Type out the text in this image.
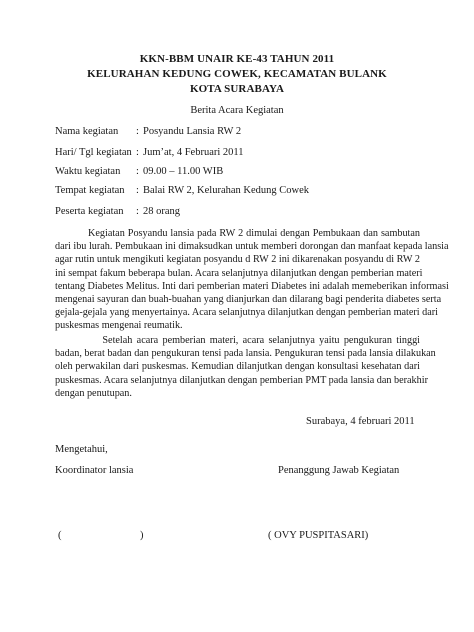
KKN-BBM UNAIR KE-43 TAHUN 2011
KELURAHAN KEDUNG COWEK, KECAMATAN BULANK
KOTA SURABAYA
Berita Acara Kegiatan
Nama kegiatan : Posyandu Lansia RW 2
Hari/ Tgl kegiatan : Jum’at, 4 Februari 2011
Waktu kegiatan : 09.00 – 11.00 WIB
Tempat kegiatan : Balai RW 2, Kelurahan Kedung Cowek
Peserta kegiatan : 28 orang
Kegiatan Posyandu lansia pada RW 2 dimulai dengan Pembukaan dan sambutan
dari ibu lurah. Pembukaan ini dimaksudkan untuk memberi dorongan dan manfaat kepada lansia
agar rutin untuk mengikuti kegiatan posyandu d RW 2 ini dikarenakan posyandu di RW 2
ini sempat fakum beberapa bulan. Acara selanjutnya dilanjutkan dengan pemberian materi
tentang Diabetes Melitus. Inti dari pemberian materi Diabetes ini adalah memeberikan informasi
mengenai sayuran dan buah-buahan yang dianjurkan dan dilarang bagi penderita diabetes serta
gejala-gejala yang menyertainya. Acara selanjutnya dilanjutkan dengan pemberian materi dari
puskesmas mengenai reumatik.
Setelah acara pemberian materi, acara selanjutnya yaitu pengukuran tinggi
badan, berat badan dan pengukuran tensi pada lansia. Pengukuran tensi pada lansia dilakukan
oleh perwakilan dari puskesmas. Kemudian dilanjutkan dengan konsultasi kesehatan dari
puskesmas. Acara selanjutnya dilanjutkan dengan pemberian PMT pada lansia dan berakhir
dengan penutupan.
Surabaya, 4 februari 2011
Mengetahui,
Koordinator lansia	Penanggung Jawab Kegiatan
(	)	( OVY PUSPITASARI)
